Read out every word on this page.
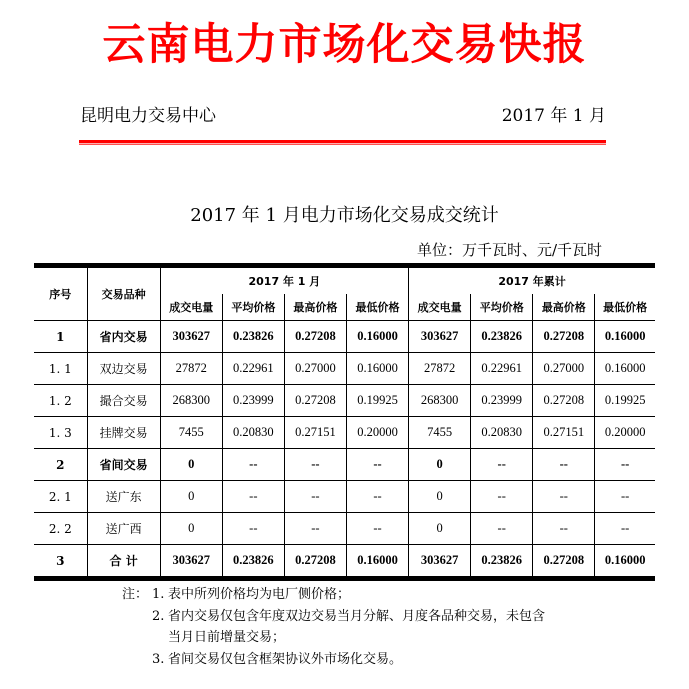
云南电力市场化交易快报
昆明电力交易中心	2017 年 1 月
2017 年 1 月电力市场化交易成交统计
单位：万千瓦时、元/千瓦时
序号	交易品种	2017 年 1 月				2017 年累计			
		成交电量	平均价格	最高价格	最低价格	成交电量	平均价格	最高价格	最低价格
1	省内交易	303627	0.23826	0.27208	0.16000	303627	0.23826	0.27208	0.16000
1. 1	双边交易	27872	0.22961	0.27000	0.16000	27872	0.22961	0.27000	0.16000
1. 2	撮合交易	268300	0.23999	0.27208	0.19925	268300	0.23999	0.27208	0.19925
1. 3	挂牌交易	7455	0.20830	0.27151	0.20000	7455	0.20830	0.27151	0.20000
2	省间交易	0	--	--	--	0	--	--	--
2. 1	送广东	0	--	--	--	0	--	--	--
2. 2	送广西	0	--	--	--	0	--	--	--
3	合 计	303627	0.23826	0.27208	0.16000	303627	0.23826	0.27208	0.16000
注： 1. 表中所列价格均为电厂侧价格；
2. 省内交易仅包含年度双边交易当月分解、月度各品种交易，未包含
当月日前增量交易；
3. 省间交易仅包含框架协议外市场化交易。
